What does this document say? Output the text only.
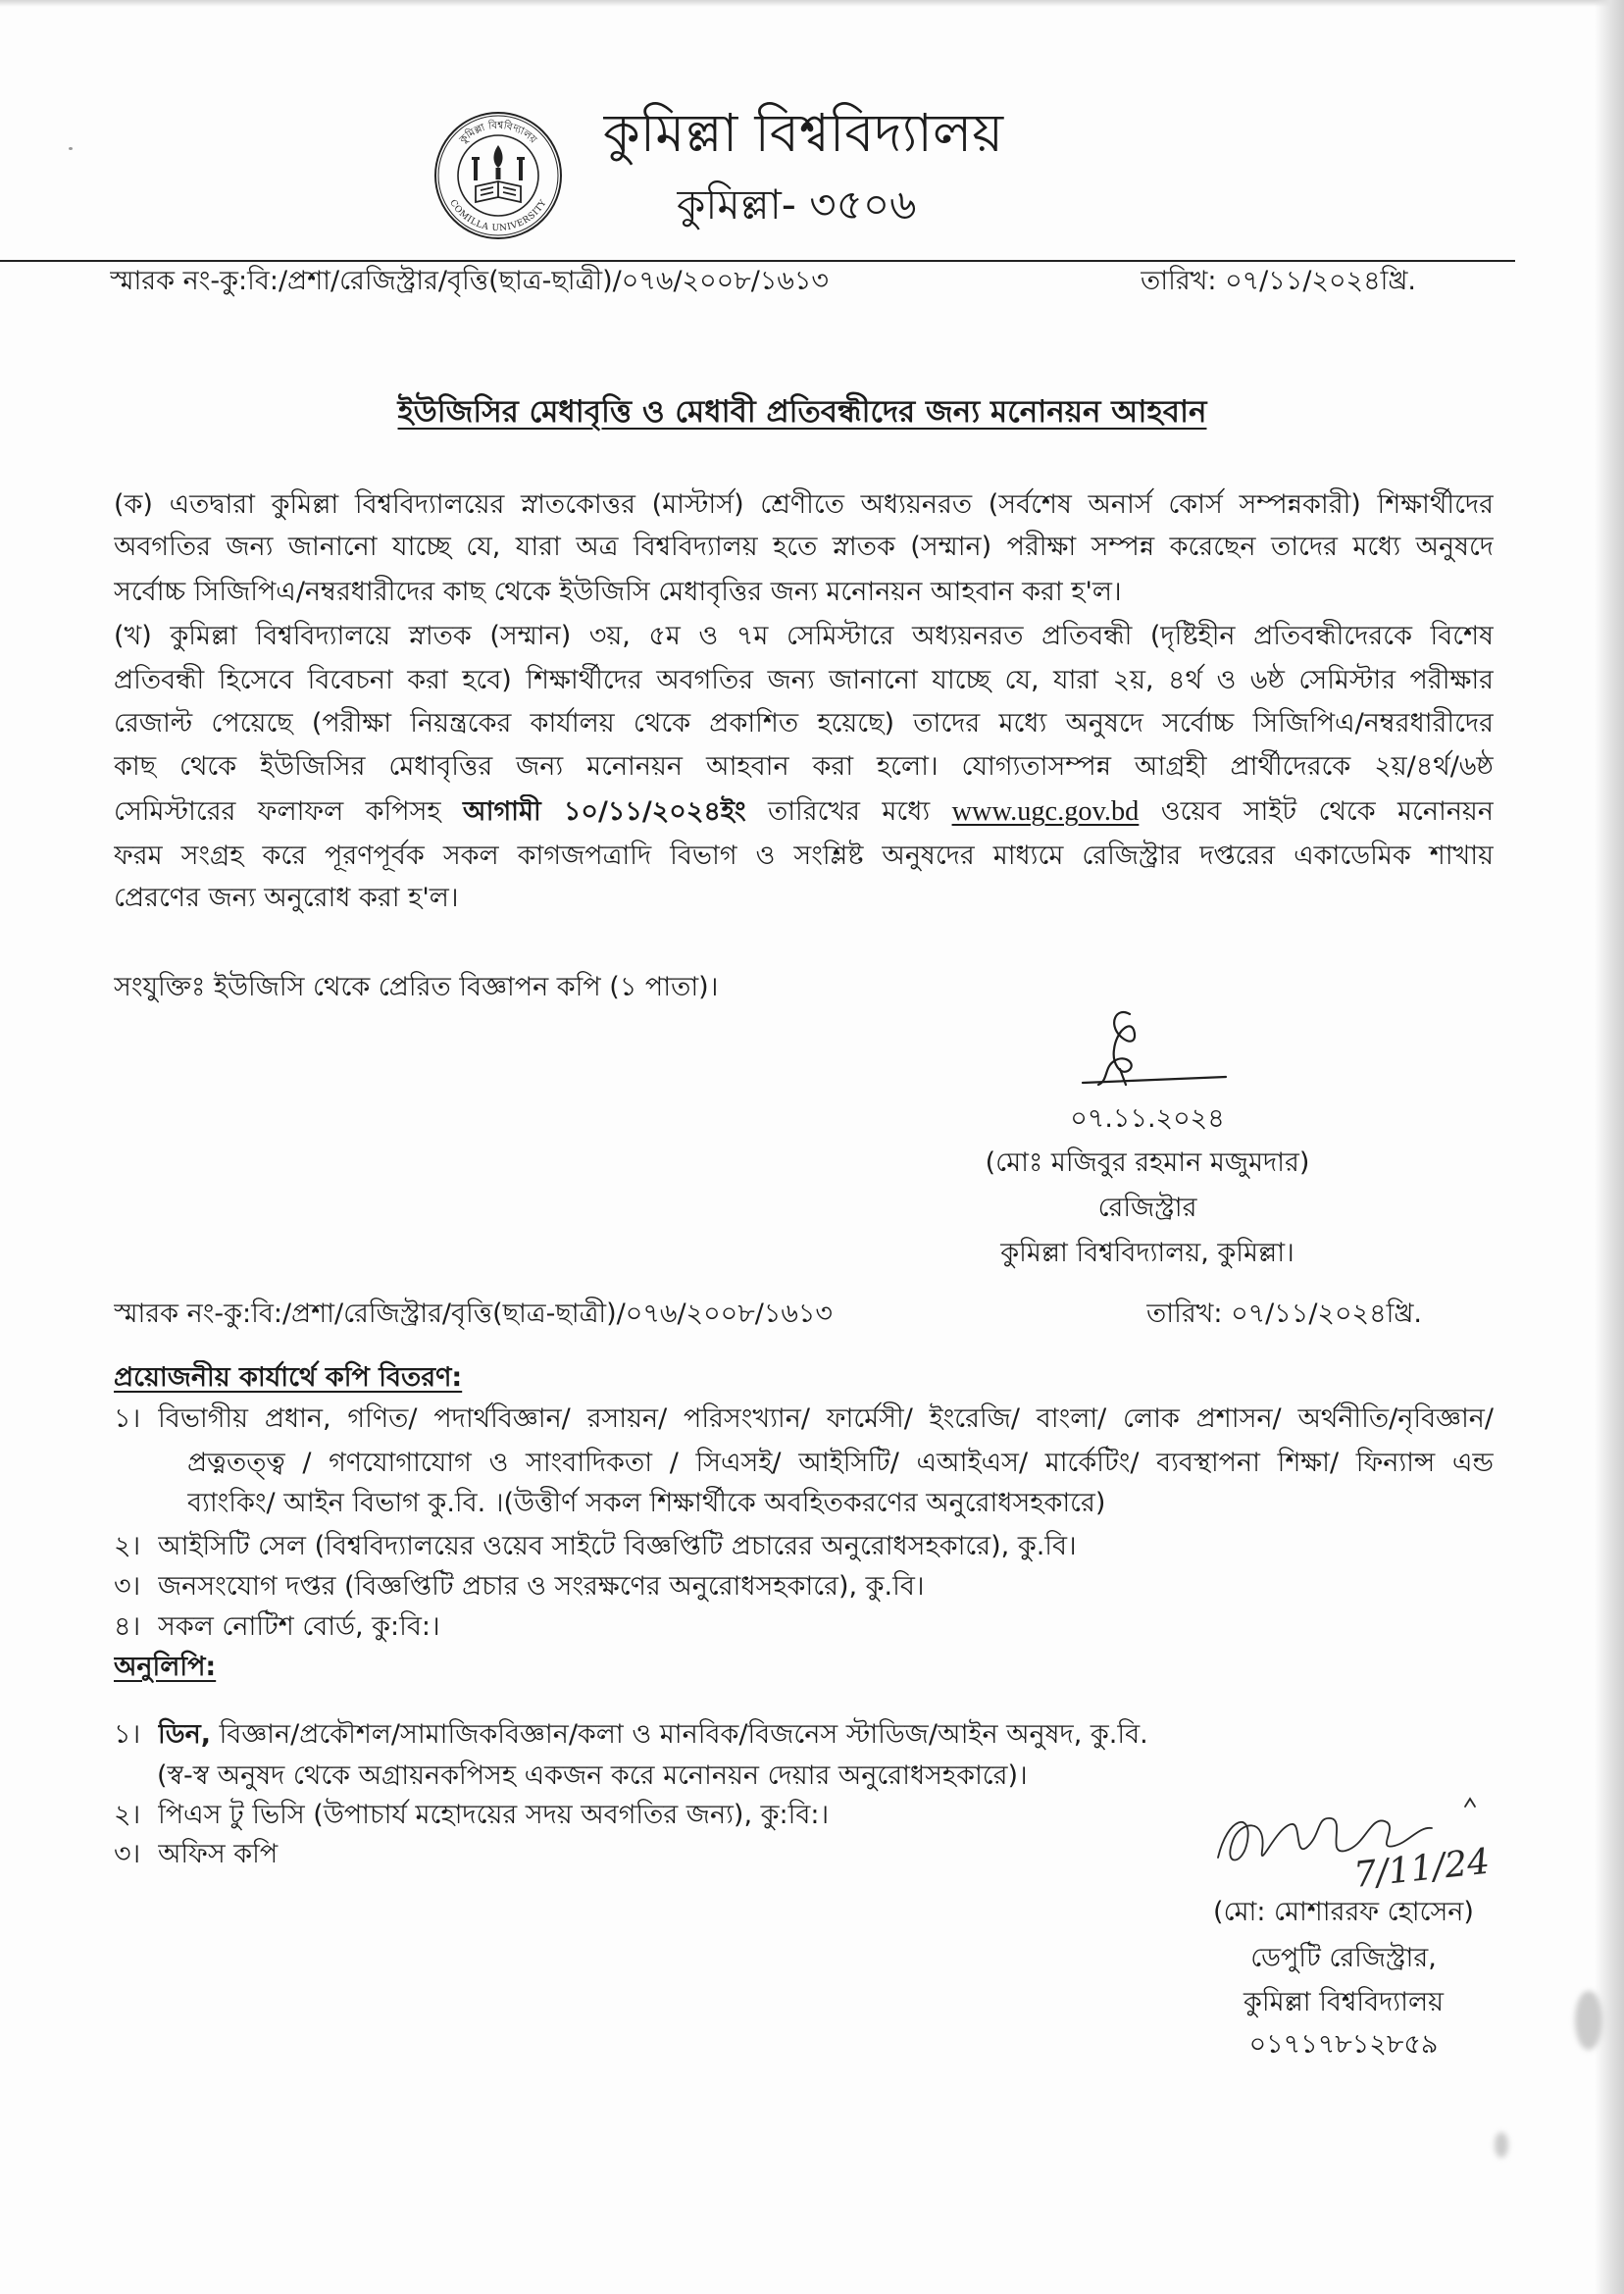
কুমিল্লা বিশ্ববিদ্যালয়
COMILLA UNIVERSITY
কুমিল্লা বিশ্ববিদ্যালয়
কুমিল্লা- ৩৫০৬
স্মারক নং-কু:বি:/প্রশা/রেজিস্ট্রার/বৃত্তি(ছাত্র-ছাত্রী)/০৭৬/২০০৮/১৬১৩	তারিখ: ০৭/১১/২০২৪খ্রি.
ইউজিসির মেধাবৃত্তি ও মেধাবী প্রতিবন্ধীদের জন্য মনোনয়ন আহবান
(ক) এতদ্বারা কুমিল্লা বিশ্ববিদ্যালয়ের স্নাতকোত্তর (মাস্টার্স) শ্রেণীতে অধ্যয়নরত (সর্বশেষ অনার্স কোর্স সম্পন্নকারী) শিক্ষার্থীদের
অবগতির জন্য জানানো যাচ্ছে যে, যারা অত্র বিশ্ববিদ্যালয় হতে স্নাতক (সম্মান) পরীক্ষা সম্পন্ন করেছেন তাদের মধ্যে অনুষদে
সর্বোচ্চ সিজিপিএ/নম্বরধারীদের কাছ থেকে ইউজিসি মেধাবৃত্তির জন্য মনোনয়ন আহবান করা হ'ল।
(খ) কুমিল্লা বিশ্ববিদ্যালয়ে স্নাতক (সম্মান) ৩য়, ৫ম ও ৭ম সেমিস্টারে অধ্যয়নরত প্রতিবন্ধী (দৃষ্টিহীন প্রতিবন্ধীদেরকে বিশেষ
প্রতিবন্ধী হিসেবে বিবেচনা করা হবে) শিক্ষার্থীদের অবগতির জন্য জানানো যাচ্ছে যে, যারা ২য়, ৪র্থ ও ৬ষ্ঠ সেমিস্টার পরীক্ষার
রেজাল্ট পেয়েছে (পরীক্ষা নিয়ন্ত্রকের কার্যালয় থেকে প্রকাশিত হয়েছে) তাদের মধ্যে অনুষদে সর্বোচ্চ সিজিপিএ/নম্বরধারীদের
কাছ থেকে ইউজিসির মেধাবৃত্তির জন্য মনোনয়ন আহবান করা হলো। যোগ্যতাসম্পন্ন আগ্রহী প্রার্থীদেরকে ২য়/৪র্থ/৬ষ্ঠ
সেমিস্টারের ফলাফল কপিসহ আগামী ১০/১১/২০২৪ইং তারিখের মধ্যে www.ugc.gov.bd ওয়েব সাইট থেকে মনোনয়ন
ফরম সংগ্রহ করে পূরণপূর্বক সকল কাগজপত্রাদি বিভাগ ও সংশ্লিষ্ট অনুষদের মাধ্যমে রেজিস্ট্রার দপ্তরের একাডেমিক শাখায়
প্রেরণের জন্য অনুরোধ করা হ'ল।
সংযুক্তিঃ ইউজিসি থেকে প্রেরিত বিজ্ঞাপন কপি (১ পাতা)।
০৭.১১.২০২৪
(মোঃ মজিবুর রহমান মজুমদার)
রেজিস্ট্রার
কুমিল্লা বিশ্ববিদ্যালয়, কুমিল্লা।
স্মারক নং-কু:বি:/প্রশা/রেজিস্ট্রার/বৃত্তি(ছাত্র-ছাত্রী)/০৭৬/২০০৮/১৬১৩	তারিখ: ০৭/১১/২০২৪খ্রি.
প্রয়োজনীয় কার্যার্থে কপি বিতরণ:
১। বিভাগীয় প্রধান, গণিত/ পদার্থবিজ্ঞান/ রসায়ন/ পরিসংখ্যান/ ফার্মেসী/ ইংরেজি/ বাংলা/ লোক প্রশাসন/ অর্থনীতি/নৃবিজ্ঞান/
প্রত্নতত্ত্ব / গণযোগাযোগ ও সাংবাদিকতা / সিএসই/ আইসিটি/ এআইএস/ মার্কেটিং/ ব্যবস্থাপনা শিক্ষা/ ফিন্যান্স এন্ড
ব্যাংকিং/ আইন বিভাগ কু.বি. ।(উত্তীর্ণ সকল শিক্ষার্থীকে অবহিতকরণের অনুরোধসহকারে)
২। আইসিটি সেল (বিশ্ববিদ্যালয়ের ওয়েব সাইটে বিজ্ঞপ্তিটি প্রচারের অনুরোধসহকারে), কু.বি।
৩। জনসংযোগ দপ্তর (বিজ্ঞপ্তিটি প্রচার ও সংরক্ষণের অনুরোধসহকারে), কু.বি।
৪। সকল নোটিশ বোর্ড, কু:বি:।
অনুলিপি:
১। ডিন, বিজ্ঞান/প্রকৌশল/সামাজিকবিজ্ঞান/কলা ও মানবিক/বিজনেস স্টাডিজ/আইন অনুষদ, কু.বি.
(স্ব-স্ব অনুষদ থেকে অগ্রায়নকপিসহ একজন করে মনোনয়ন দেয়ার অনুরোধসহকারে)।
২। পিএস টু ভিসি (উপাচার্য মহোদয়ের সদয় অবগতির জন্য), কু:বি:।
৩। অফিস কপি	7/11/24
(মো: মোশাররফ হোসেন)
ডেপুটি রেজিস্ট্রার,
কুমিল্লা বিশ্ববিদ্যালয়
০১৭১৭৮১২৮৫৯
